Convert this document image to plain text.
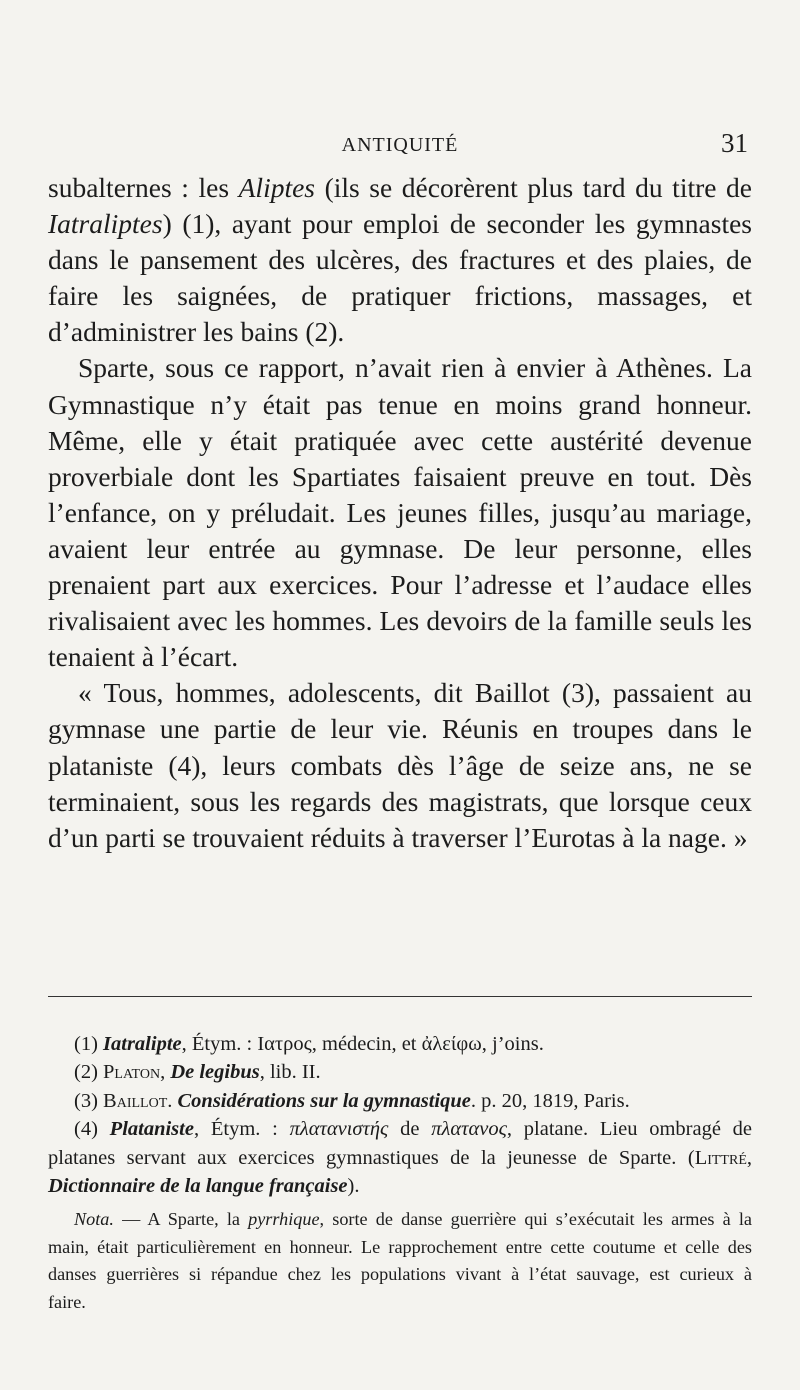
ANTIQUITÉ	31

subalternes : les Aliptes (ils se décorèrent plus tard du titre de Iatraliptes) (1), ayant pour emploi de seconder les gymnastes dans le pansement des ulcères, des fractures et des plaies, de faire les saignées, de pratiquer frictions, massages, et d’administrer les bains (2).

Sparte, sous ce rapport, n’avait rien à envier à Athènes. La Gymnastique n’y était pas tenue en moins grand honneur. Même, elle y était pratiquée avec cette austérité devenue proverbiale dont les Spartiates faisaient preuve en tout. Dès l’enfance, on y préludait. Les jeunes filles, jusqu’au mariage, avaient leur entrée au gymnase. De leur personne, elles prenaient part aux exercices. Pour l’adresse et l’audace elles rivalisaient avec les hommes. Les devoirs de la famille seuls les tenaient à l’écart.

« Tous, hommes, adolescents, dit Baillot (3), passaient au gymnase une partie de leur vie. Réunis en troupes dans le plataniste (4), leurs combats dès l’âge de seize ans, ne se terminaient, sous les regards des magistrats, que lorsque ceux d’un parti se trouvaient réduits à traverser l’Eurotas à la nage. »

(1) Iatralipte, Étym. : Ιατρος, médecin, et ἀλείφω, j’oins.

(2) Platon, De legibus, lib. II.

(3) Baillot. Considérations sur la gymnastique. p. 20, 1819, Paris.

(4) Plataniste, Étym. : πλατανιστής de πλατανος, platane. Lieu ombragé de platanes servant aux exercices gymnastiques de la jeunesse de Sparte. (Littré, Dictionnaire de la langue française).

Nota. — A Sparte, la pyrrhique, sorte de danse guerrière qui s’exécutait les armes à la main, était particulièrement en honneur. Le rapprochement entre cette coutume et celle des danses guerrières si répandue chez les populations vivant à l’état sauvage, est curieux à faire.
